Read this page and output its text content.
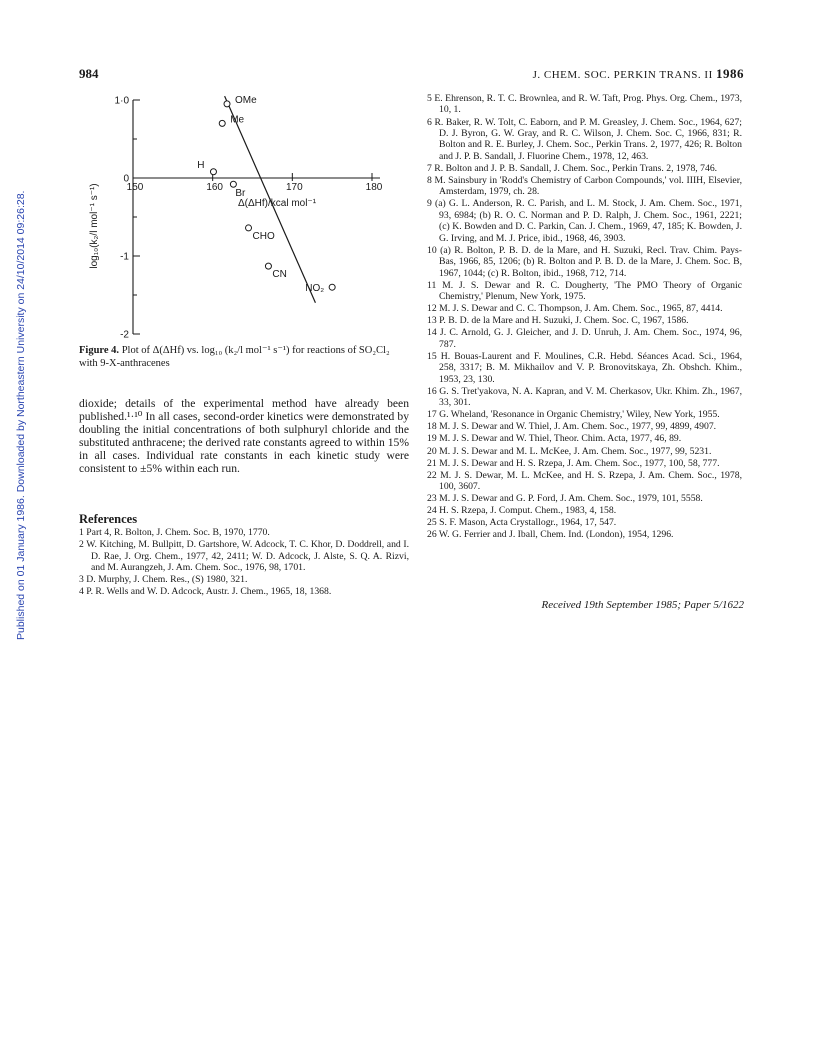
Published on 01 January 1986. Downloaded by Northeastern University on 24/10/2014 09:26:28.
984	J. CHEM. SOC. PERKIN TRANS. II 1986
1·0
0
-1
-2
150	160	170	180
OMe
Me
H
Br
CHO
CN
NO₂
log₁₀(k₂/l mol⁻¹ s⁻¹)	Δ(ΔHf)/kcal mol⁻¹
Figure 4. Plot of Δ(ΔHf) vs. log₁₀ (k₂/l mol⁻¹ s⁻¹) for reactions of SO₂Cl₂ with 9-X-anthracenes
dioxide; details of the experimental method have already been published.¹·¹⁰ In all cases, second-order kinetics were demonstrated by doubling the initial concentrations of both sulphuryl chloride and the substituted anthracene; the derived rate constants agreed to within 15% in all cases. Individual rate constants in each kinetic study were consistent to ±5% within each run.
References

1 Part 4, R. Bolton, J. Chem. Soc. B, 1970, 1770.

2 W. Kitching, M. Bullpitt, D. Gartshore, W. Adcock, T. C. Khor, D. Doddrell, and I. D. Rae, J. Org. Chem., 1977, 42, 2411; W. D. Adcock, J. Alste, S. Q. A. Rizvi, and M. Aurangzeh, J. Am. Chem. Soc., 1976, 98, 1701.

3 D. Murphy, J. Chem. Res., (S) 1980, 321.

4 P. R. Wells and W. D. Adcock, Austr. J. Chem., 1965, 18, 1368.

5 E. Ehrenson, R. T. C. Brownlea, and R. W. Taft, Prog. Phys. Org. Chem., 1973, 10, 1.

6 R. Baker, R. W. Tolt, C. Eaborn, and P. M. Greasley, J. Chem. Soc., 1964, 627; D. J. Byron, G. W. Gray, and R. C. Wilson, J. Chem. Soc. C, 1966, 831; R. Bolton and R. E. Burley, J. Chem. Soc., Perkin Trans. 2, 1977, 426; R. Bolton and J. P. B. Sandall, J. Fluorine Chem., 1978, 12, 463.

7 R. Bolton and J. P. B. Sandall, J. Chem. Soc., Perkin Trans. 2, 1978, 746.

8 M. Sainsbury in 'Rodd's Chemistry of Carbon Compounds,' vol. IIIH, Elsevier, Amsterdam, 1979, ch. 28.

9 (a) G. L. Anderson, R. C. Parish, and L. M. Stock, J. Am. Chem. Soc., 1971, 93, 6984; (b) R. O. C. Norman and P. D. Ralph, J. Chem. Soc., 1961, 2221; (c) K. Bowden and D. C. Parkin, Can. J. Chem., 1969, 47, 185; K. Bowden, J. G. Irving, and M. J. Price, ibid., 1968, 46, 3903.

10 (a) R. Bolton, P. B. D. de la Mare, and H. Suzuki, Recl. Trav. Chim. Pays-Bas, 1966, 85, 1206; (b) R. Bolton and P. B. D. de la Mare, J. Chem. Soc. B, 1967, 1044; (c) R. Bolton, ibid., 1968, 712, 714.

11 M. J. S. Dewar and R. C. Dougherty, 'The PMO Theory of Organic Chemistry,' Plenum, New York, 1975.

12 M. J. S. Dewar and C. C. Thompson, J. Am. Chem. Soc., 1965, 87, 4414.

13 P. B. D. de la Mare and H. Suzuki, J. Chem. Soc. C, 1967, 1586.

14 J. C. Arnold, G. J. Gleicher, and J. D. Unruh, J. Am. Chem. Soc., 1974, 96, 787.

15 H. Bouas-Laurent and F. Moulines, C.R. Hebd. Séances Acad. Sci., 1964, 258, 3317; B. M. Mikhailov and V. P. Bronovitskaya, Zh. Obshch. Khim., 1953, 23, 130.

16 G. S. Tret'yakova, N. A. Kapran, and V. M. Cherkasov, Ukr. Khim. Zh., 1967, 33, 301.

17 G. Wheland, 'Resonance in Organic Chemistry,' Wiley, New York, 1955.

18 M. J. S. Dewar and W. Thiel, J. Am. Chem. Soc., 1977, 99, 4899, 4907.

19 M. J. S. Dewar and W. Thiel, Theor. Chim. Acta, 1977, 46, 89.

20 M. J. S. Dewar and M. L. McKee, J. Am. Chem. Soc., 1977, 99, 5231.

21 M. J. S. Dewar and H. S. Rzepa, J. Am. Chem. Soc., 1977, 100, 58, 777.

22 M. J. S. Dewar, M. L. McKee, and H. S. Rzepa, J. Am. Chem. Soc., 1978, 100, 3607.

23 M. J. S. Dewar and G. P. Ford, J. Am. Chem. Soc., 1979, 101, 5558.

24 H. S. Rzepa, J. Comput. Chem., 1983, 4, 158.

25 S. F. Mason, Acta Crystallogr., 1964, 17, 547.

26 W. G. Ferrier and J. Iball, Chem. Ind. (London), 1954, 1296.

Received 19th September 1985; Paper 5/1622
